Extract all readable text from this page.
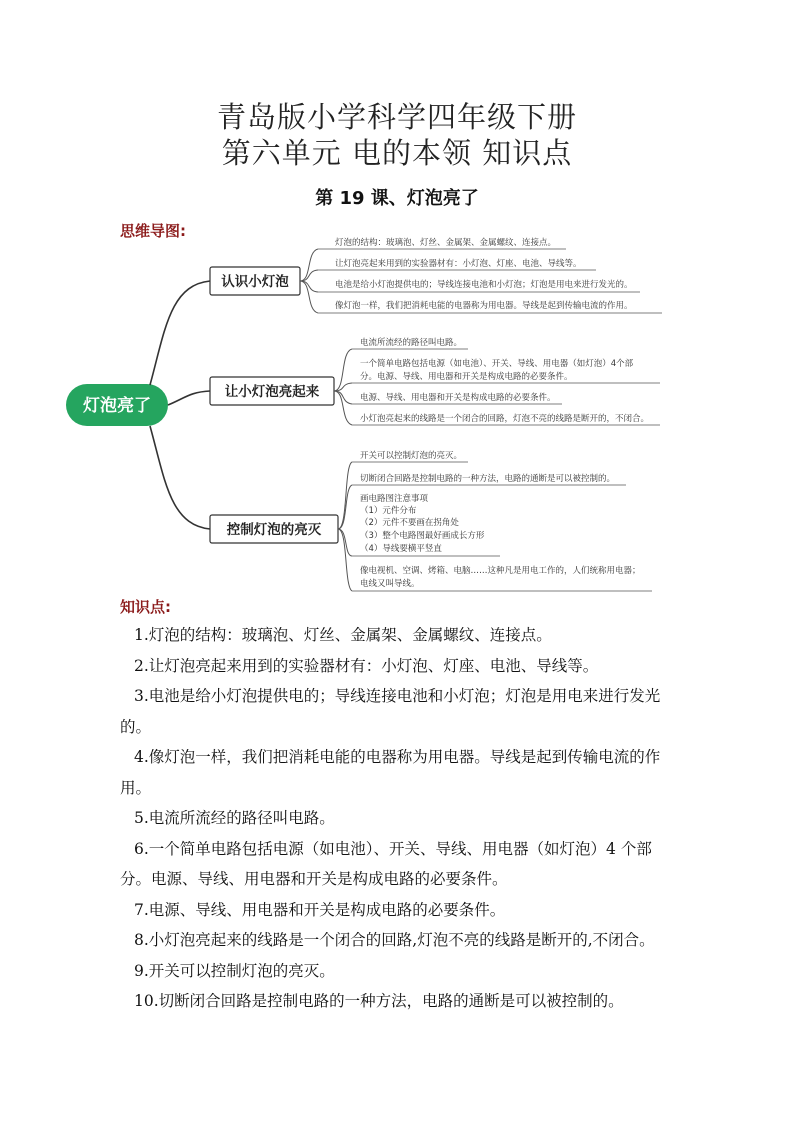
青岛版小学科学四年级下册
第六单元 电的本领 知识点
第 19 课、灯泡亮了
思维导图:
灯泡亮了
认识小灯泡
灯泡的结构：玻璃泡、灯丝、金属架、金属螺纹、连接点。
让灯泡亮起来用到的实验器材有：小灯泡、灯座、电池、导线等。
电池是给小灯泡提供电的；导线连接电池和小灯泡；灯泡是用电来进行发光的。
像灯泡一样，我们把消耗电能的电器称为用电器。导线是起到传输电流的作用。
让小灯泡亮起来
电流所流经的路径叫电路。
一个简单电路包括电源（如电池）、开关、导线、用电器（如灯泡）4个部
分。电源、导线、用电器和开关是构成电路的必要条件。
电源、导线、用电器和开关是构成电路的必要条件。
小灯泡亮起来的线路是一个闭合的回路，灯泡不亮的线路是断开的，不闭合。
控制灯泡的亮灭
开关可以控制灯泡的亮灭。
切断闭合回路是控制电路的一种方法，电路的通断是可以被控制的。
画电路图注意事项
（1）元件分布
（2）元件不要画在拐角处
（3）整个电路图最好画成长方形
（4）导线要横平竖直
像电视机、空调、烤箱、电脑……这种凡是用电工作的，人们统称用电器；
电线又叫导线。
知识点:
1.灯泡的结构：玻璃泡、灯丝、金属架、金属螺纹、连接点。
2.让灯泡亮起来用到的实验器材有：小灯泡、灯座、电池、导线等。
3.电池是给小灯泡提供电的；导线连接电池和小灯泡；灯泡是用电来进行发光的。
4.像灯泡一样，我们把消耗电能的电器称为用电器。导线是起到传输电流的作用。
5.电流所流经的路径叫电路。
6.一个简单电路包括电源（如电池）、开关、导线、用电器（如灯泡）4 个部分。电源、导线、用电器和开关是构成电路的必要条件。
7.电源、导线、用电器和开关是构成电路的必要条件。
8.小灯泡亮起来的线路是一个闭合的回路,灯泡不亮的线路是断开的,不闭合。
9.开关可以控制灯泡的亮灭。
10.切断闭合回路是控制电路的一种方法，电路的通断是可以被控制的。
